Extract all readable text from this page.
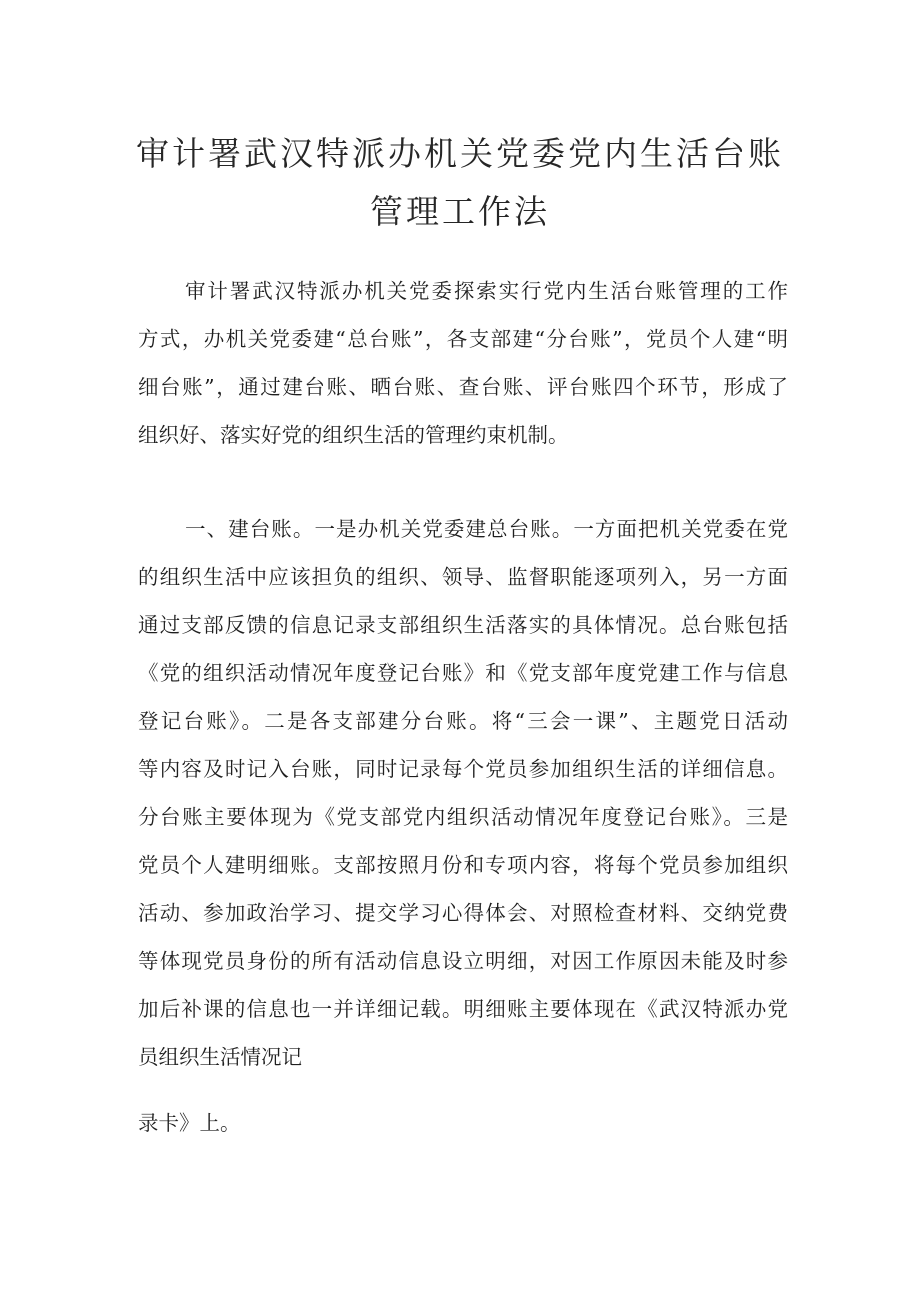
审计署武汉特派办机关党委党内生活台账
管理工作法

审计署武汉特派办机关党委探索实行党内生活台账管理的工作

方式，办机关党委建“总台账”，各支部建“分台账”，党员个人建“明

细台账”，通过建台账、晒台账、查台账、评台账四个环节，形成了

组织好、落实好党的组织生活的管理约束机制。

一、建台账。一是办机关党委建总台账。一方面把机关党委在党

的组织生活中应该担负的组织、领导、监督职能逐项列入，另一方面

通过支部反馈的信息记录支部组织生活落实的具体情况。总台账包括

《党的组织活动情况年度登记台账》和《党支部年度党建工作与信息

登记台账》。二是各支部建分台账。将“三会一课”、主题党日活动

等内容及时记入台账，同时记录每个党员参加组织生活的详细信息。

分台账主要体现为《党支部党内组织活动情况年度登记台账》。三是

党员个人建明细账。支部按照月份和专项内容，将每个党员参加组织

活动、参加政治学习、提交学习心得体会、对照检查材料、交纳党费

等体现党员身份的所有活动信息设立明细，对因工作原因未能及时参

加后补课的信息也一并详细记载。明细账主要体现在《武汉特派办党

员组织生活情况记

录卡》上。
